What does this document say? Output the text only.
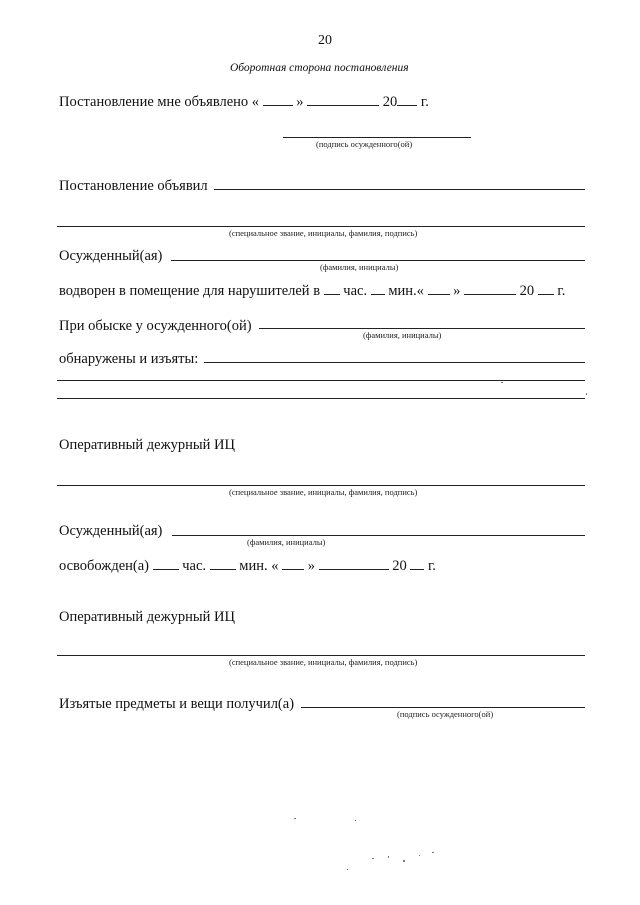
20
Оборотная сторона постановления
Постановление мне объявлено «	»	20 г.
(подпись осужденного(ой)
Постановление объявил
(специальное звание, инициалы, фамилия, подпись)
Осужденный(ая)
(фамилия, инициалы)
водворен в помещение для нарушителей в час. мин.« »	20 г.
При обыске у осужденного(ой)
(фамилия, инициалы)
обнаружены и изъяты:
Оперативный дежурный ИЦ
(специальное звание, инициалы, фамилия, подпись)
Осужденный(ая)
(фамилия, инициалы)
освобожден(а) час. мин. « »	20 г.
Оперативный дежурный ИЦ
(специальное звание, инициалы, фамилия, подпись)
Изъятые предметы и вещи получил(а)
(подпись осужденного(ой)
